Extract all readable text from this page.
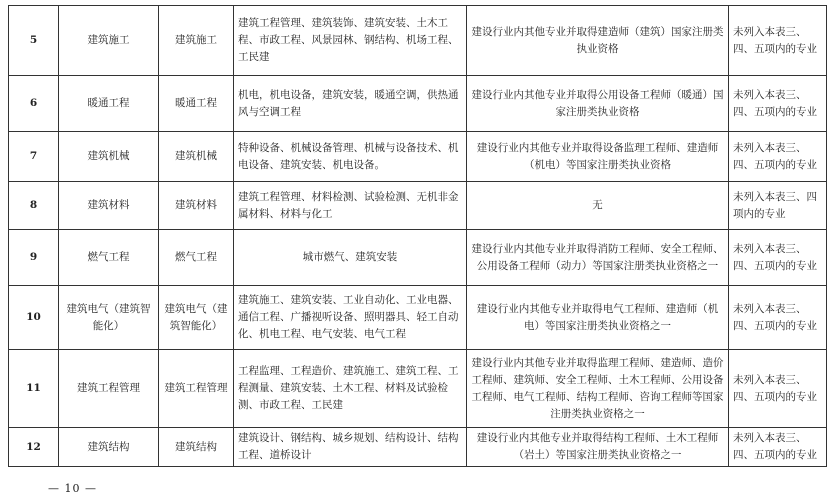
5	建筑施工	建筑施工	建筑工程管理、建筑装饰、建筑安装、土木工程、市政工程、风景园林、钢结构、机场工程、工民建	建设行业内其他专业并取得建造师（建筑）国家注册类执业资格	未列入本表三、四、五项内的专业
6	暖通工程	暖通工程	机电，机电设备，建筑安装，暖通空调，供热通风与空调工程	建设行业内其他专业并取得公用设备工程师（暖通）国家注册类执业资格	未列入本表三、四、五项内的专业
7	建筑机械	建筑机械	特种设备、机械设备管理、机械与设备技术、机电设备、建筑安装、机电设备。	建设行业内其他专业并取得设备监理工程师、建造师（机电）等国家注册类执业资格	未列入本表三、四、五项内的专业
8	建筑材料	建筑材料	建筑工程管理、材料检测、试验检测、无机非金属材料、材料与化工	无	未列入本表三、四项内的专业
9	燃气工程	燃气工程	城市燃气、建筑安装	建设行业内其他专业并取得消防工程师、安全工程师、公用设备工程师（动力）等国家注册类执业资格之一	未列入本表三、四、五项内的专业
10	建筑电气（建筑智能化）	建筑电气（建筑智能化）	建筑施工、建筑安装、工业自动化、工业电器、通信工程、广播视听设备、照明器具、轻工自动化、机电工程、电气安装、电气工程	建设行业内其他专业并取得电气工程师、建造师（机电）等国家注册类执业资格之一	未列入本表三、四、五项内的专业
11	建筑工程管理	建筑工程管理	工程监理、工程造价、建筑施工、建筑工程、工程测量、建筑安装、土木工程、材料及试验检测、市政工程、工民建	建设行业内其他专业并取得监理工程师、建造师、造价工程师、建筑师、安全工程师、土木工程师、公用设备工程师、电气工程师、结构工程师、咨询工程师等国家注册类执业资格之一	未列入本表三、四、五项内的专业
12	建筑结构	建筑结构	建筑设计、钢结构、城乡规划、结构设计、结构工程、道桥设计	建设行业内其他专业并取得结构工程师、土木工程师（岩土）等国家注册类执业资格之一	未列入本表三、四、五项内的专业
— 10 —
